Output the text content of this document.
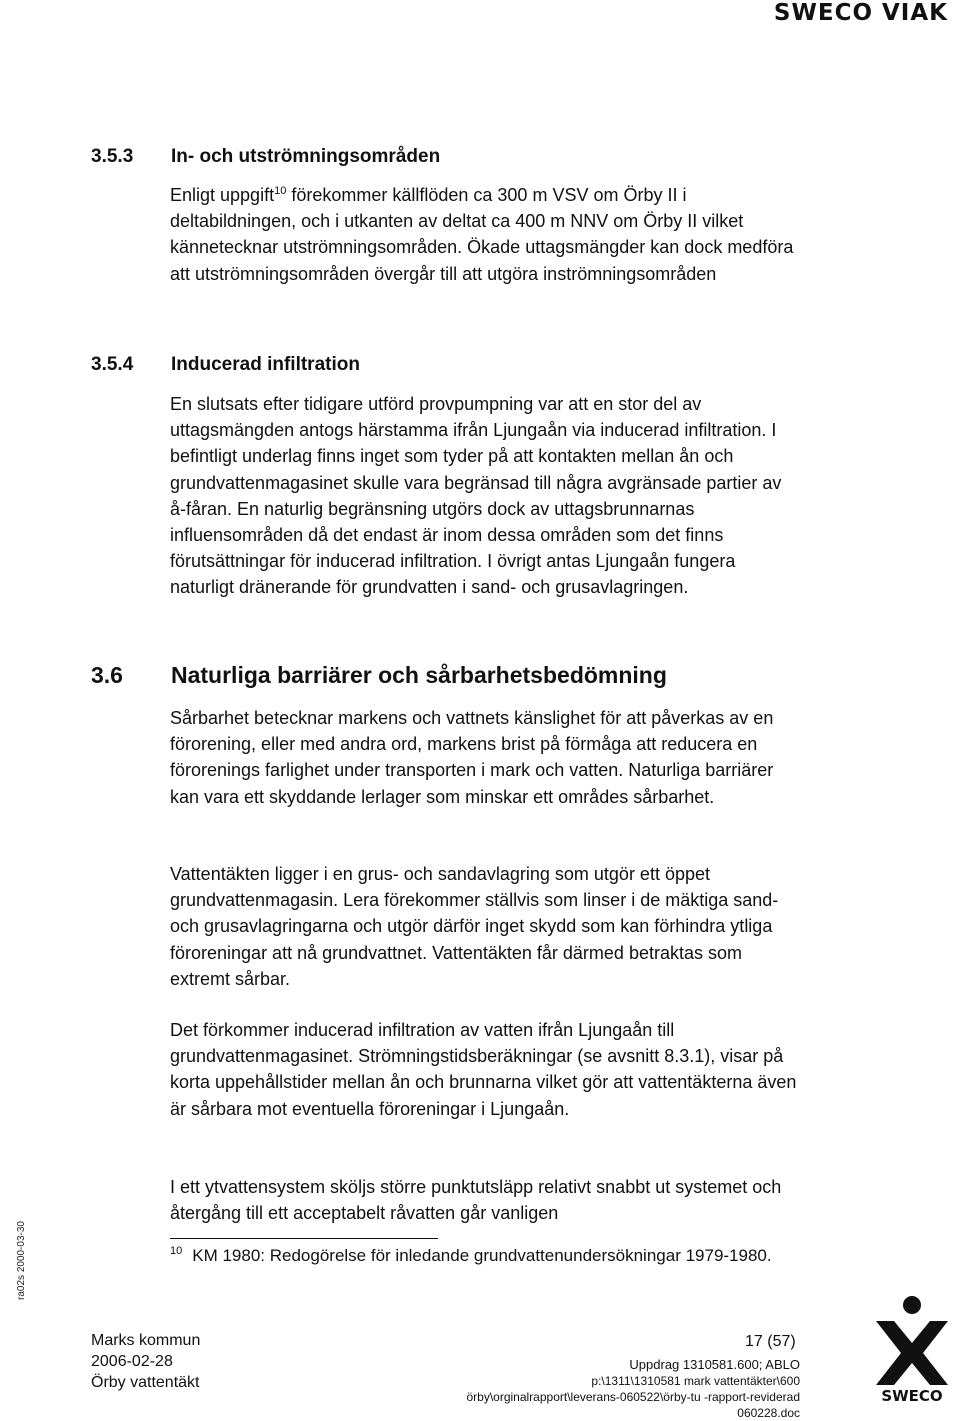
SWECO VIAK
3.5.3 In- och utströmningsområden

Enligt uppgift$^{10}$ förekommer källflöden ca 300 m VSV om Örby II i deltabildningen, och i utkanten av deltat ca 400 m NNV om Örby II vilket kännetecknar utströmningsområden. Ökade uttagsmängder kan dock medföra att utströmningsområden övergår till att utgöra inströmningsområden

3.5.4 Inducerad infiltration

En slutsats efter tidigare utförd provpumpning var att en stor del av uttagsmängden antogs härstamma ifrån Ljungaån via inducerad infiltration. I befintligt underlag finns inget som tyder på att kontakten mellan ån och grundvattenmagasinet skulle vara begränsad till några avgränsade partier av å-fåran. En naturlig begränsning utgörs dock av uttagsbrunnarnas influensområden då det endast är inom dessa områden som det finns förutsättningar för inducerad infiltration. I övrigt antas Ljungaån fungera naturligt dränerande för grundvatten i sand- och grusavlagringen.

3.6 Naturliga barriärer och sårbarhetsbedömning

Sårbarhet betecknar markens och vattnets känslighet för att påverkas av en förorening, eller med andra ord, markens brist på förmåga att reducera en förorenings farlighet under transporten i mark och vatten. Naturliga barriärer kan vara ett skyddande lerlager som minskar ett områdes sårbarhet.

Vattentäkten ligger i en grus- och sandavlagring som utgör ett öppet grundvattenmagasin. Lera förekommer ställvis som linser i de mäktiga sand- och grusavlagringarna och utgör därför inget skydd som kan förhindra ytliga föroreningar att nå grundvattnet. Vattentäkten får därmed betraktas som extremt sårbar.

Det förkommer inducerad infiltration av vatten ifrån Ljungaån till grundvattenmagasinet. Strömningstidsberäkningar (se avsnitt 8.3.1), visar på korta uppehållstider mellan ån och brunnarna vilket gör att vattentäkterna även är sårbara mot eventuella föroreningar i Ljungaån.

I ett ytvattensystem sköljs större punktutsläpp relativt snabbt ut systemet och återgång till ett acceptabelt råvatten går vanligen

$^{10}$ KM 1980: Redogörelse för inledande grundvattenundersökningar 1979-1980.

ra02s 2000-03-30
Marks kommun
2006-02-28
Örby vattentäkt
17 (57)
Uppdrag 1310581.600; ABLO
p:\1311\1310581 mark vattentäkter\600
örby\orginalrapport\leverans-060522\örby-tu -rapport-reviderad
060228.doc
SWECO
